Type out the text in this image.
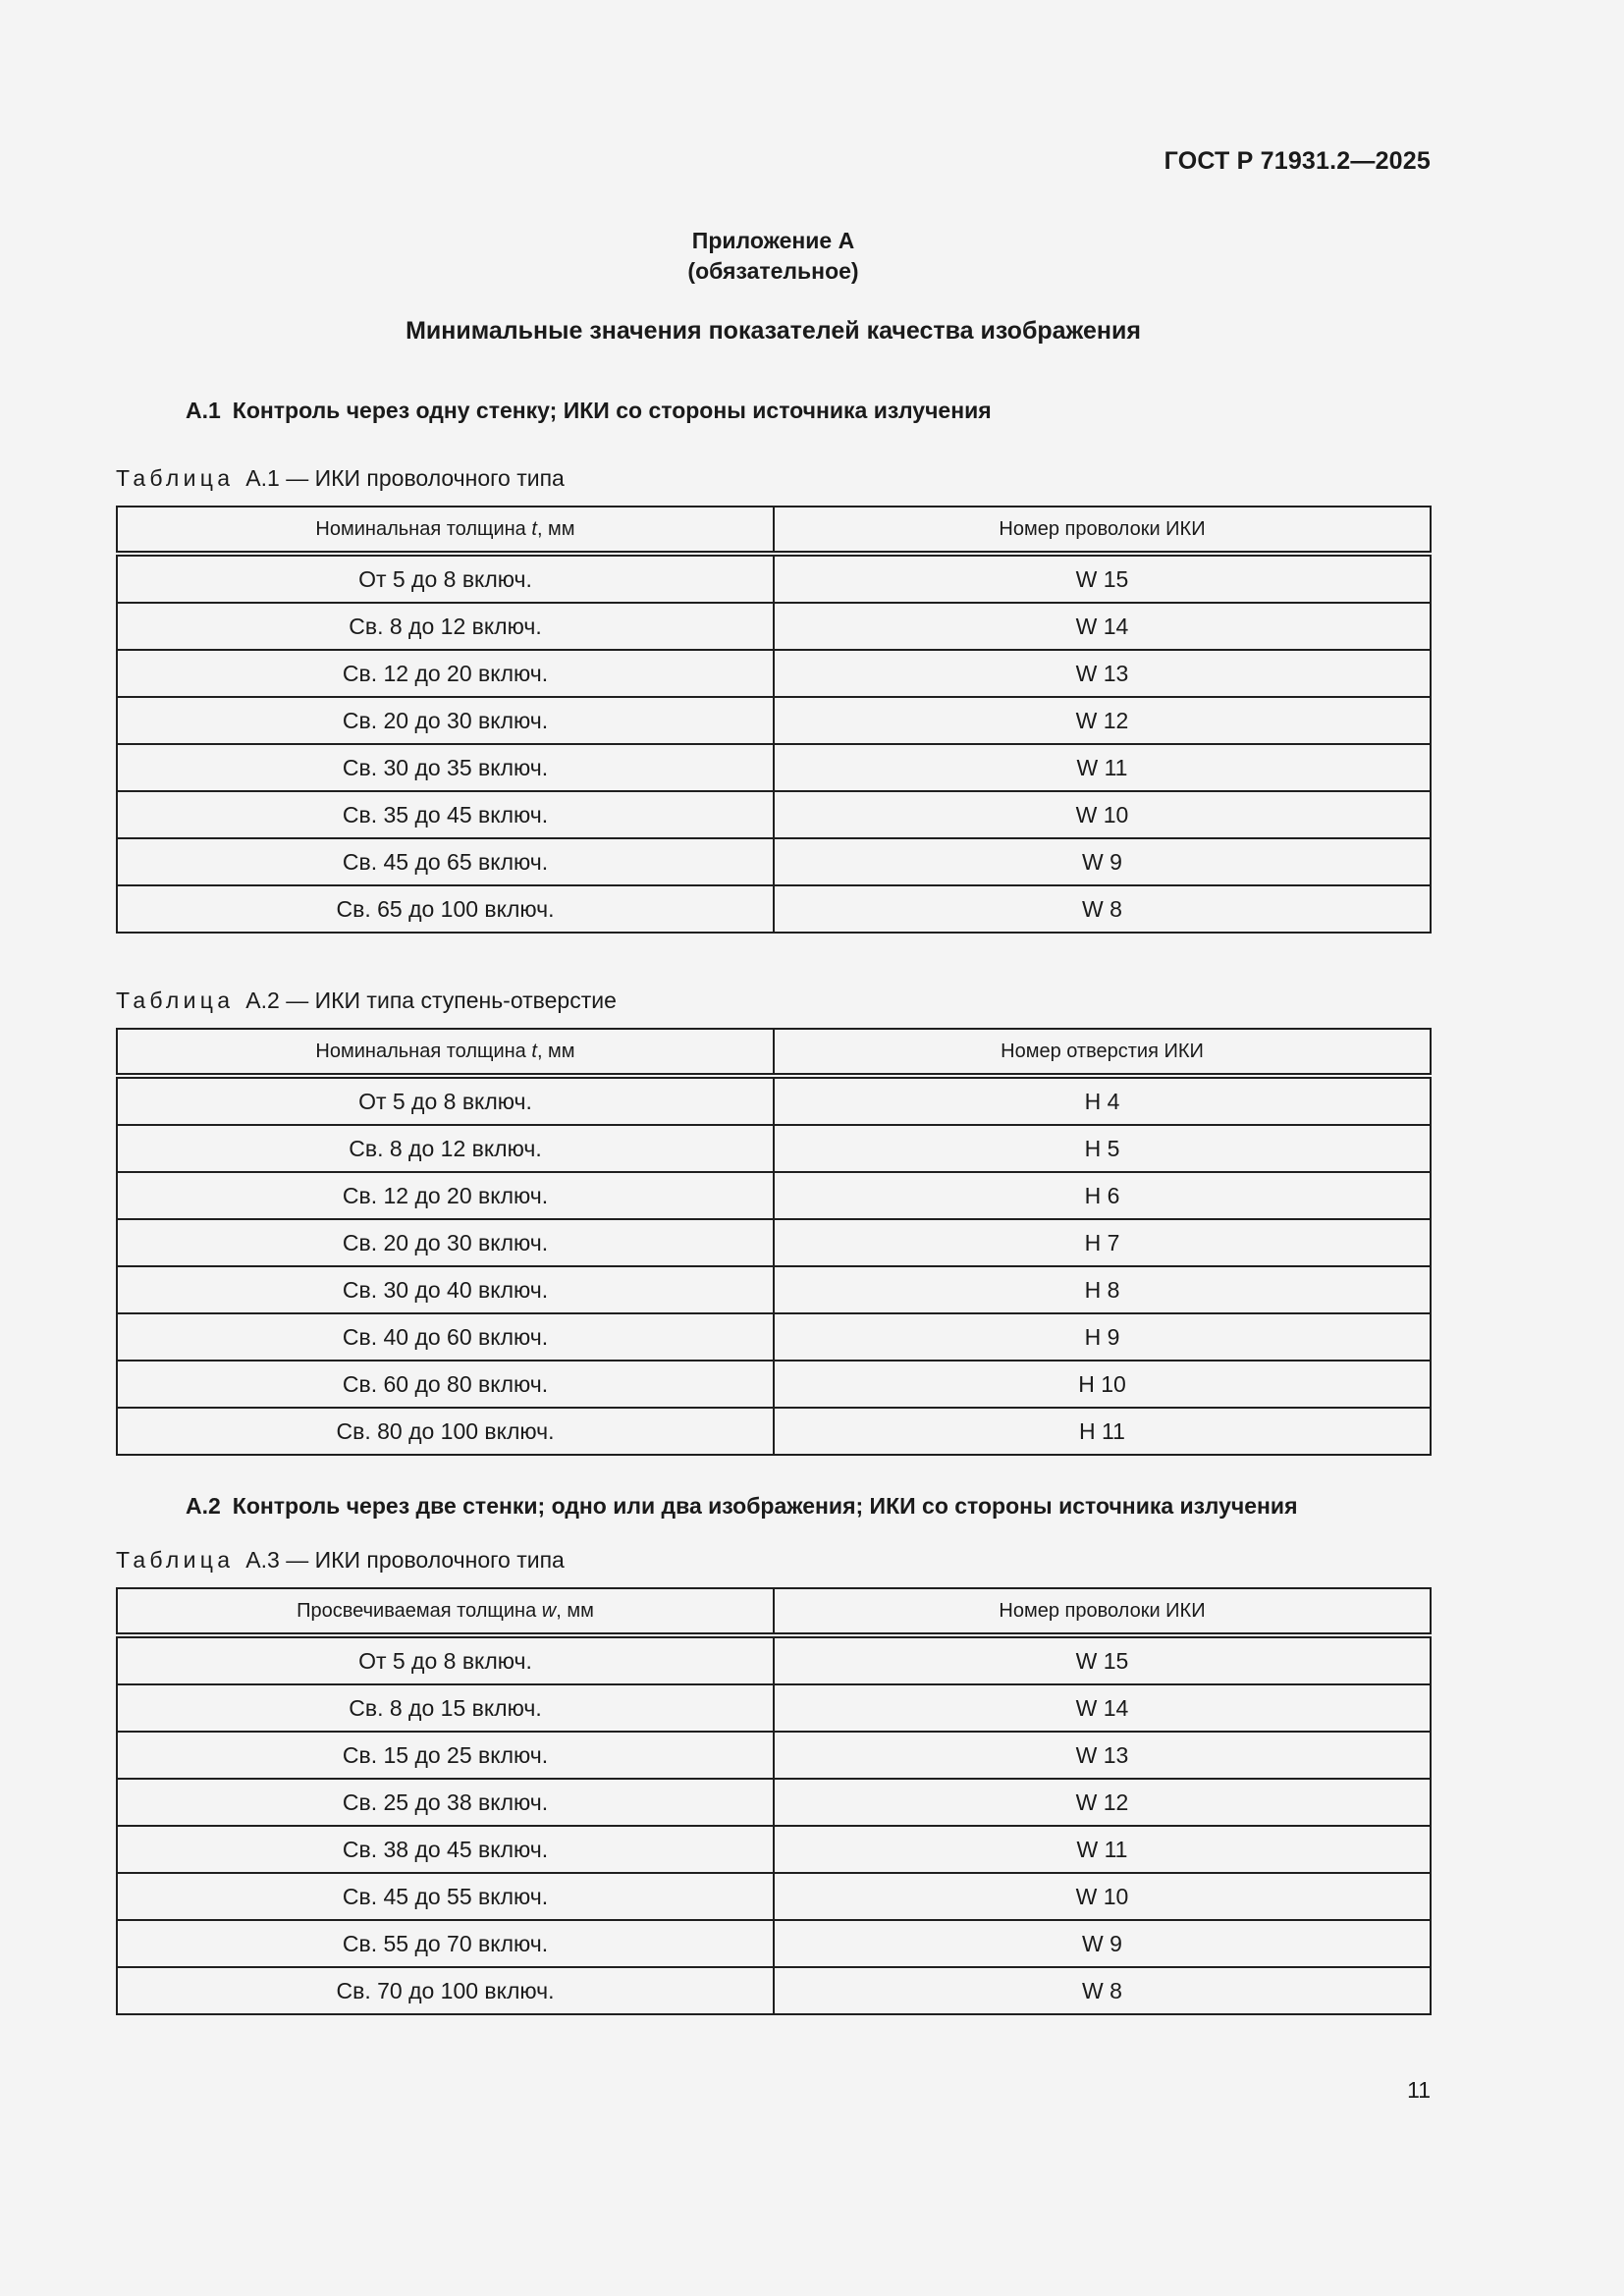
ГОСТ Р 71931.2—2025
Приложение А
(обязательное)
Минимальные значения показателей качества изображения
А.1 Контроль через одну стенку; ИКИ со стороны источника излучения
Таблица А.1 — ИКИ проволочного типа
Номинальная толщина t, мм	Номер проволоки ИКИ
От 5 до 8 включ.	W 15
Св. 8 до 12 включ.	W 14
Св. 12 до 20 включ.	W 13
Св. 20 до 30 включ.	W 12
Св. 30 до 35 включ.	W 11
Св. 35 до 45 включ.	W 10
Св. 45 до 65 включ.	W 9
Св. 65 до 100 включ.	W 8
Таблица А.2 — ИКИ типа ступень-отверстие
Номинальная толщина t, мм	Номер отверстия ИКИ
От 5 до 8 включ.	H 4
Св. 8 до 12 включ.	H 5
Св. 12 до 20 включ.	H 6
Св. 20 до 30 включ.	H 7
Св. 30 до 40 включ.	H 8
Св. 40 до 60 включ.	H 9
Св. 60 до 80 включ.	H 10
Св. 80 до 100 включ.	H 11
А.2 Контроль через две стенки; одно или два изображения; ИКИ со стороны источника излучения
Таблица А.3 — ИКИ проволочного типа
Просвечиваемая толщина w, мм	Номер проволоки ИКИ
От 5 до 8 включ.	W 15
Св. 8 до 15 включ.	W 14
Св. 15 до 25 включ.	W 13
Св. 25 до 38 включ.	W 12
Св. 38 до 45 включ.	W 11
Св. 45 до 55 включ.	W 10
Св. 55 до 70 включ.	W 9
Св. 70 до 100 включ.	W 8
11
